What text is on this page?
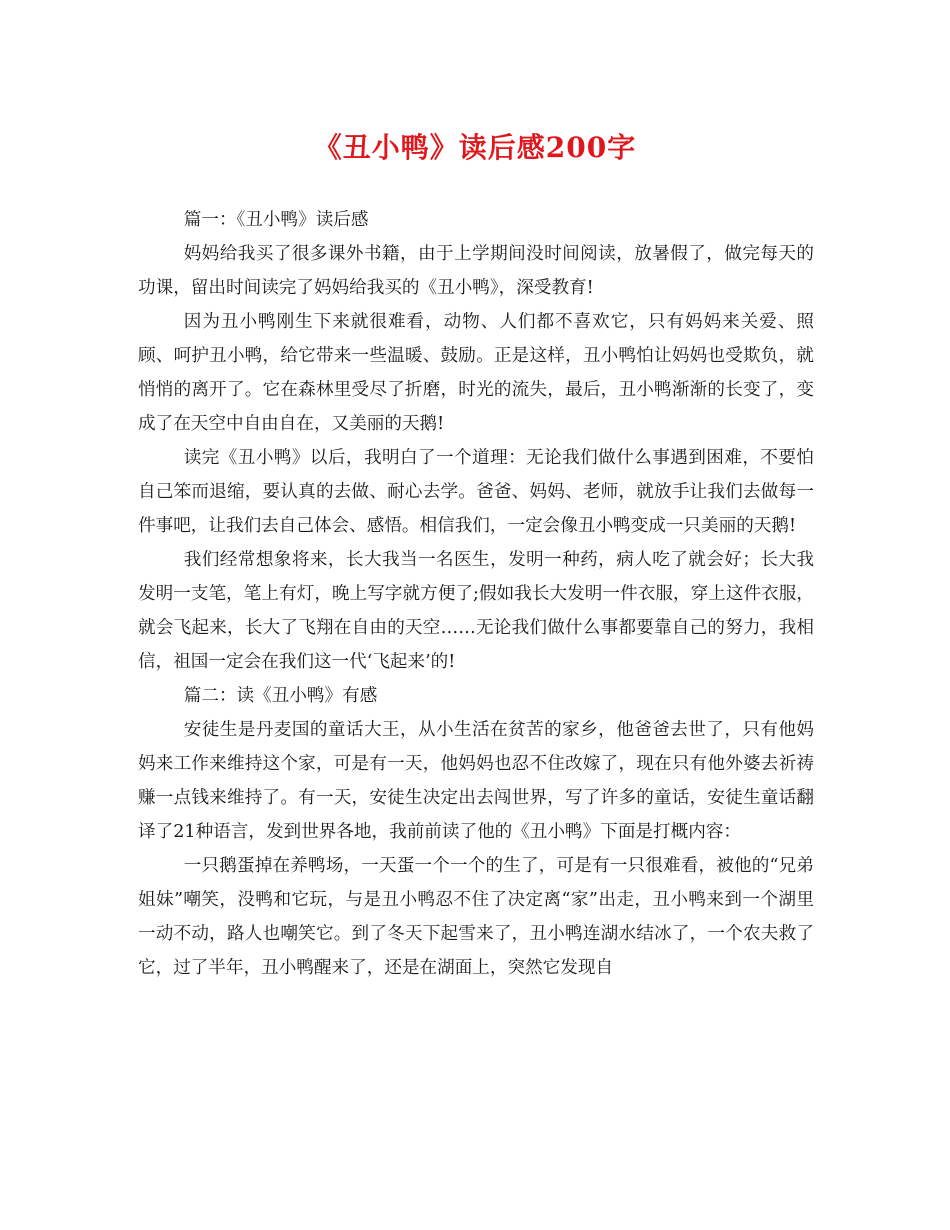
《丑小鸭》读后感200字

篇一：《丑小鸭》读后感

妈妈给我买了很多课外书籍，由于上学期间没时间阅读，放暑假了，做完每天的功课，留出时间读完了妈妈给我买的《丑小鸭》，深受教育!

因为丑小鸭刚生下来就很难看，动物、人们都不喜欢它，只有妈妈来关爱、照顾、呵护丑小鸭，给它带来一些温暖、鼓励。正是这样，丑小鸭怕让妈妈也受欺负，就悄悄的离开了。它在森林里受尽了折磨，时光的流失，最后，丑小鸭渐渐的长变了，变成了在天空中自由自在，又美丽的天鹅!

读完《丑小鸭》以后，我明白了一个道理：无论我们做什么事遇到困难，不要怕自己笨而退缩，要认真的去做、耐心去学。爸爸、妈妈、老师，就放手让我们去做每一件事吧，让我们去自己体会、感悟。相信我们，一定会像丑小鸭变成一只美丽的天鹅!

我们经常想象将来，长大我当一名医生，发明一种药，病人吃了就会好；长大我发明一支笔，笔上有灯，晚上写字就方便了;假如我长大发明一件衣服，穿上这件衣服，就会飞起来，长大了飞翔在自由的天空……无论我们做什么事都要靠自己的努力，我相信，祖国一定会在我们这一代‘飞起来’的!

篇二：读《丑小鸭》有感

安徒生是丹麦国的童话大王，从小生活在贫苦的家乡，他爸爸去世了，只有他妈妈来工作来维持这个家，可是有一天，他妈妈也忍不住改嫁了，现在只有他外婆去祈祷赚一点钱来维持了。有一天，安徒生决定出去闯世界，写了许多的童话，安徒生童话翻译了21种语言，发到世界各地，我前前读了他的《丑小鸭》下面是打概内容：

一只鹅蛋掉在养鸭场，一天蛋一个一个的生了，可是有一只很难看，被他的“兄弟姐妹”嘲笑，没鸭和它玩，与是丑小鸭忍不住了决定离“家”出走，丑小鸭来到一个湖里一动不动，路人也嘲笑它。到了冬天下起雪来了，丑小鸭连湖水结冰了，一个农夫救了它，过了半年，丑小鸭醒来了，还是在湖面上，突然它发现自
